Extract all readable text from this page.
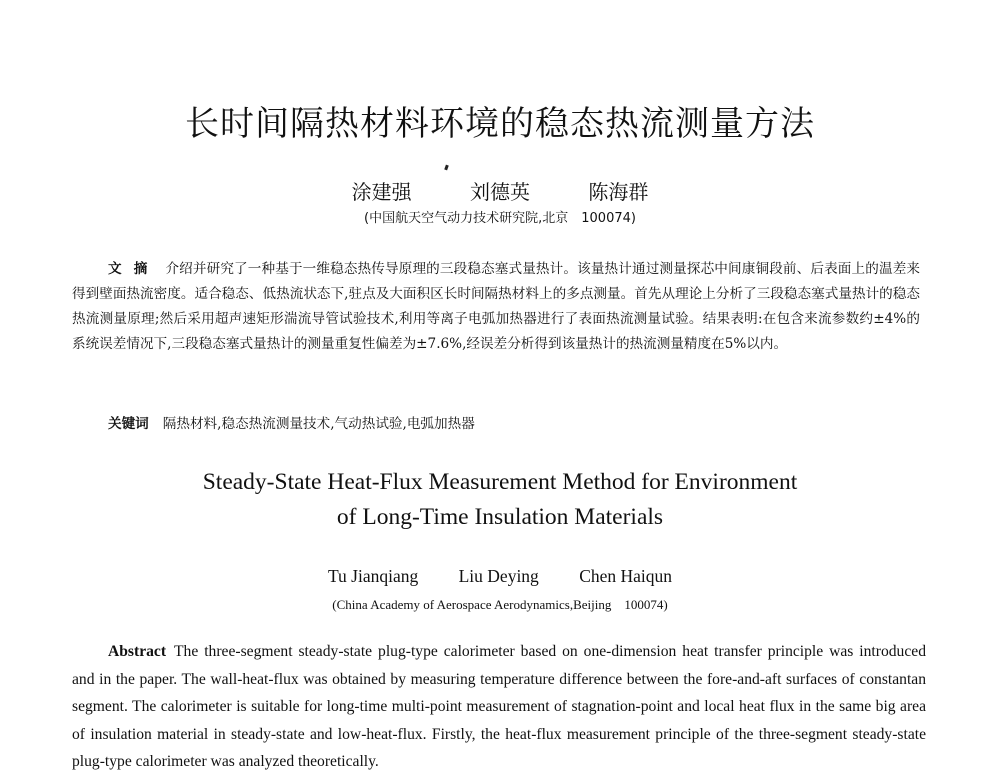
长时间隔热材料环境的稳态热流测量方法
涂建强	刘德英	陈海群
(中国航天空气动力技术研究院,北京　100074)
文摘 介绍并研究了一种基于一维稳态热传导原理的三段稳态塞式量热计。该量热计通过测量探芯中间康铜段前、后表面上的温差来得到壁面热流密度。适合稳态、低热流状态下,驻点及大面积区长时间隔热材料上的多点测量。首先从理论上分析了三段稳态塞式量热计的稳态热流测量原理;然后采用超声速矩形湍流导管试验技术,利用等离子电弧加热器进行了表面热流测量试验。结果表明:在包含来流参数约±4%的系统误差情况下,三段稳态塞式量热计的测量重复性偏差为±7.6%,经误差分析得到该量热计的热流测量精度在5%以内。
关键词 隔热材料,稳态热流测量技术,气动热试验,电弧加热器
Steady-State Heat-Flux Measurement Method for Environment
of Long-Time Insulation Materials
Tu Jianqiang Liu Deying Chen Haiqun
(China Academy of Aerospace Aerodynamics,Beijing　100074)
Abstract The three-segment steady-state plug-type calorimeter based on one-dimension heat transfer principle was introduced and in the paper. The wall-heat-flux was obtained by measuring temperature difference between the fore-and-aft surfaces of constantan segment. The calorimeter is suitable for long-time multi-point measurement of stagnation-point and local heat flux in the same big area of insulation material in steady-state and low-heat-flux. Firstly, the heat-flux measurement principle of the three-segment steady-state plug-type calorimeter was analyzed theoretically.
